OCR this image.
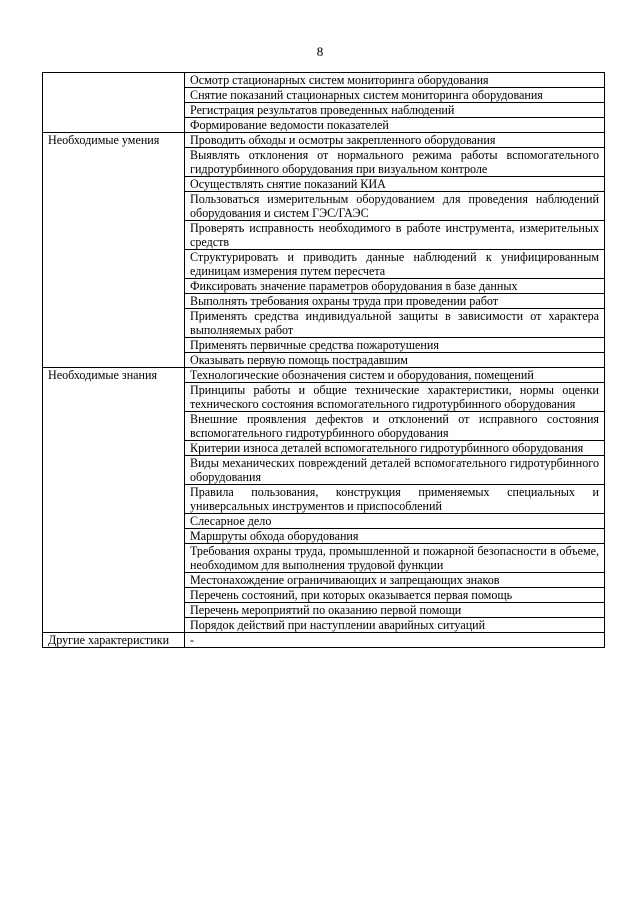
8
	Осмотр стационарных систем мониторинга оборудования
	Снятие показаний стационарных систем мониторинга оборудования
	Регистрация результатов проведенных наблюдений
	Формирование ведомости показателей
Необходимые умения	Проводить обходы и осмотры закрепленного оборудования
	Выявлять отклонения от нормального режима работы вспомогательного гидротурбинного оборудования при визуальном контроле
	Осуществлять снятие показаний КИА
	Пользоваться измерительным оборудованием для проведения наблюдений оборудования и систем ГЭС/ГАЭС
	Проверять исправность необходимого в работе инструмента, измерительных средств
	Структурировать и приводить данные наблюдений к унифицированным единицам измерения путем пересчета
	Фиксировать значение параметров оборудования в базе данных
	Выполнять требования охраны труда при проведении работ
	Применять средства индивидуальной защиты в зависимости от характера выполняемых работ
	Применять первичные средства пожаротушения
	Оказывать первую помощь пострадавшим
Необходимые знания	Технологические обозначения систем и оборудования, помещений
	Принципы работы и общие технические характеристики, нормы оценки технического состояния вспомогательного гидротурбинного оборудования
	Внешние проявления дефектов и отклонений от исправного состояния вспомогательного гидротурбинного оборудования
	Критерии износа деталей вспомогательного гидротурбинного оборудования
	Виды механических повреждений деталей вспомогательного гидротурбинного оборудования
	Правила пользования, конструкция применяемых специальных и универсальных инструментов и приспособлений
	Слесарное дело
	Маршруты обхода оборудования
	Требования охраны труда, промышленной и пожарной безопасности в объеме, необходимом для выполнения трудовой функции
	Местонахождение ограничивающих и запрещающих знаков
	Перечень состояний, при которых оказывается первая помощь
	Перечень мероприятий по оказанию первой помощи
	Порядок действий при наступлении аварийных ситуаций
Другие характеристики	-
